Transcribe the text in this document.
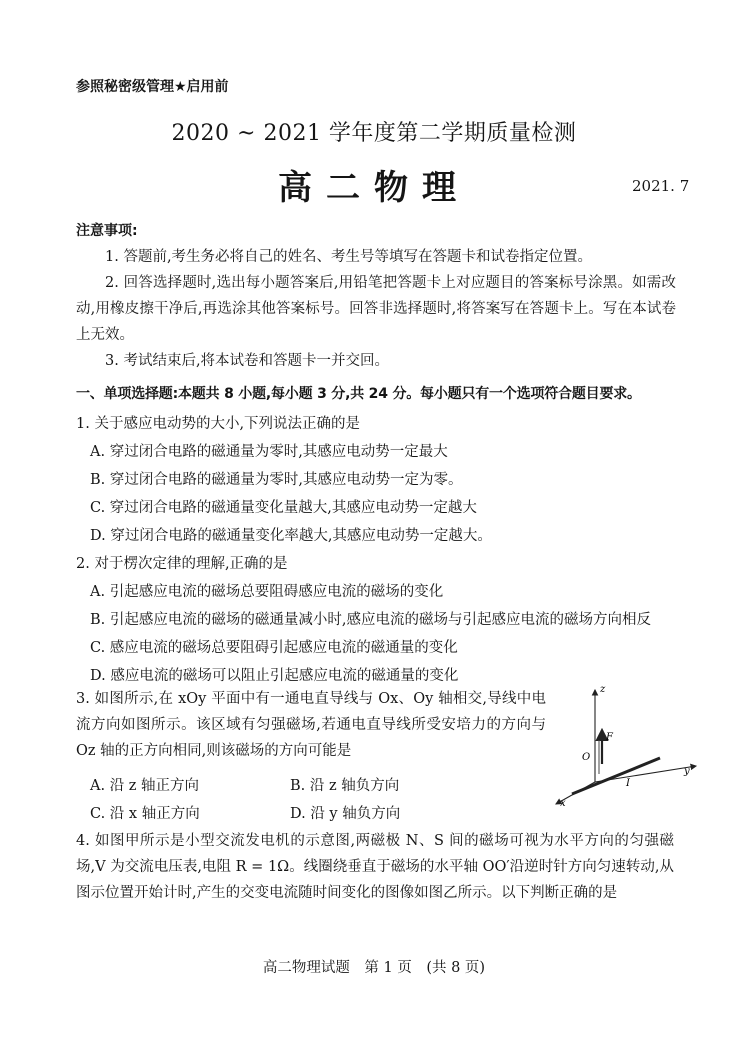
参照秘密级管理★启用前
2020 ~ 2021 学年度第二学期质量检测
高二物理	2021. 7
注意事项:
1. 答题前,考生务必将自己的姓名、考生号等填写在答题卡和试卷指定位置。
2. 回答选择题时,选出每小题答案后,用铅笔把答题卡上对应题目的答案标号涂黑。如需改动,用橡皮擦干净后,再选涂其他答案标号。回答非选择题时,将答案写在答题卡上。写在本试卷上无效。
3. 考试结束后,将本试卷和答题卡一并交回。
一、单项选择题:本题共 8 小题,每小题 3 分,共 24 分。每小题只有一个选项符合题目要求。
1. 关于感应电动势的大小,下列说法正确的是
A. 穿过闭合电路的磁通量为零时,其感应电动势一定最大
B. 穿过闭合电路的磁通量为零时,其感应电动势一定为零。
C. 穿过闭合电路的磁通量变化量越大,其感应电动势一定越大
D. 穿过闭合电路的磁通量变化率越大,其感应电动势一定越大。
2. 对于楞次定律的理解,正确的是
A. 引起感应电流的磁场总要阻碍感应电流的磁场的变化
B. 引起感应电流的磁场的磁通量减小时,感应电流的磁场与引起感应电流的磁场方向相反
C. 感应电流的磁场总要阻碍引起感应电流的磁通量的变化
D. 感应电流的磁场可以阻止引起感应电流的磁通量的变化
3. 如图所示,在 xOy 平面中有一通电直导线与 Ox、Oy 轴相交,导线中电流方向如图所示。该区域有匀强磁场,若通电直导线所受安培力的方向与 Oz 轴的正方向相同,则该磁场的方向可能是
A. 沿 z 轴正方向	B. 沿 z 轴负方向
C. 沿 x 轴正方向	D. 沿 y 轴负方向
z
y
x
O
F
I
4. 如图甲所示是小型交流发电机的示意图,两磁极 N、S 间的磁场可视为水平方向的匀强磁场,V 为交流电压表,电阻 R = 1Ω。线圈绕垂直于磁场的水平轴 OO′沿逆时针方向匀速转动,从图示位置开始计时,产生的交变电流随时间变化的图像如图乙所示。以下判断正确的是
高二物理试题　第 1 页　(共 8 页)
